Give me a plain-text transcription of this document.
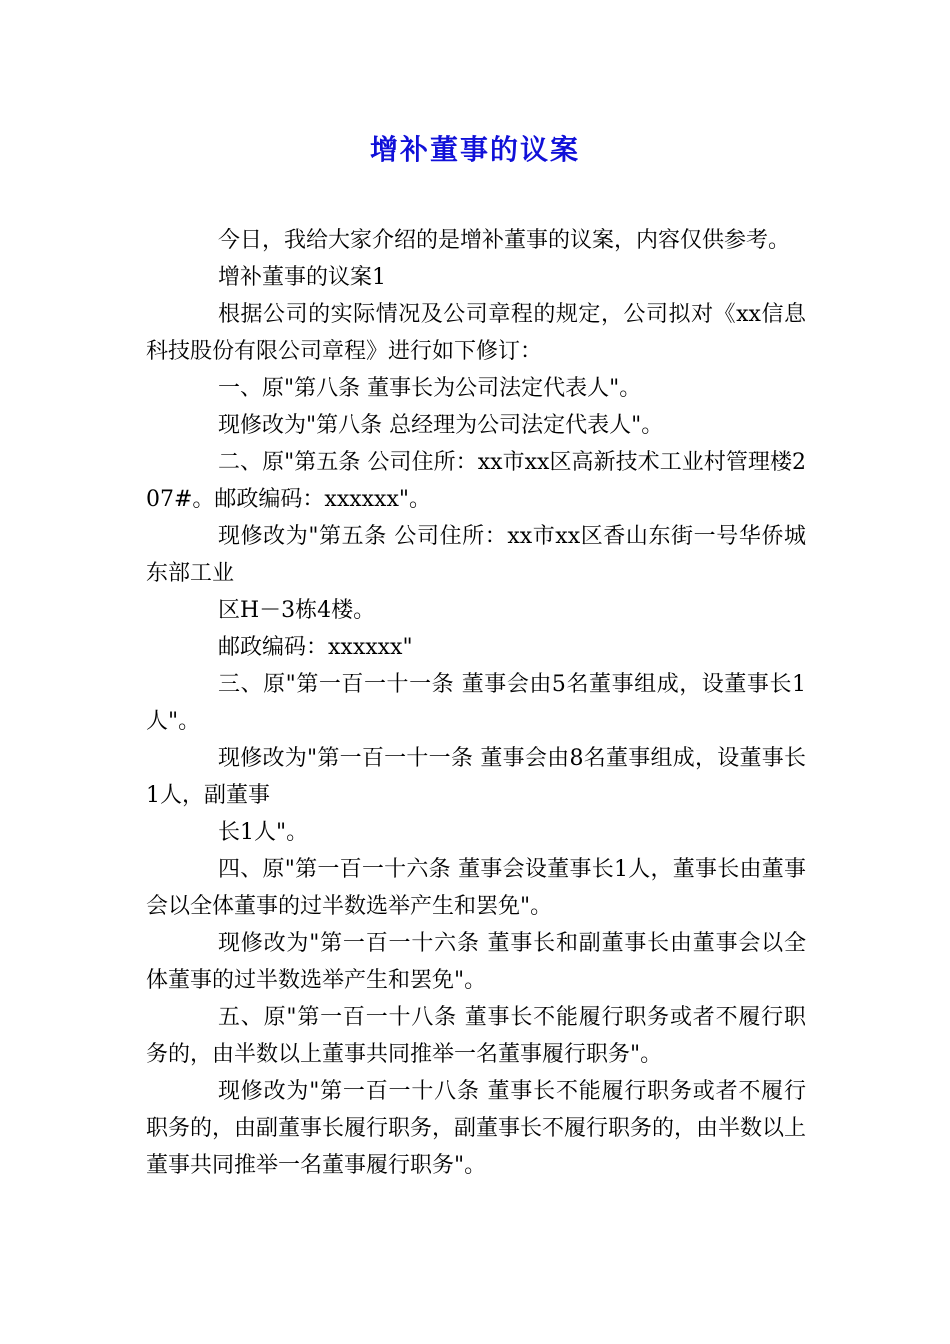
增补董事的议案

今日，我给大家介绍的是增补董事的议案，内容仅供参考。

增补董事的议案1

根据公司的实际情况及公司章程的规定，公司拟对《xx信息科技股份有限公司章程》进行如下修订：

一、原"第八条 董事长为公司法定代表人"。

现修改为"第八条 总经理为公司法定代表人"。

二、原"第五条 公司住所：xx市xx区高新技术工业村管理楼207#。邮政编码：xxxxxx"。

现修改为"第五条 公司住所：xx市xx区香山东街一号华侨城东部工业

区H－3栋4楼。

邮政编码：xxxxxx"

三、原"第一百一十一条 董事会由5名董事组成，设董事长1人"。

现修改为"第一百一十一条 董事会由8名董事组成，设董事长1人，副董事

长1人"。

四、原"第一百一十六条 董事会设董事长1人，董事长由董事会以全体董事的过半数选举产生和罢免"。

现修改为"第一百一十六条 董事长和副董事长由董事会以全体董事的过半数选举产生和罢免"。

五、原"第一百一十八条 董事长不能履行职务或者不履行职务的，由半数以上董事共同推举一名董事履行职务"。

现修改为"第一百一十八条 董事长不能履行职务或者不履行职务的，由副董事长履行职务，副董事长不履行职务的，由半数以上董事共同推举一名董事履行职务"。
